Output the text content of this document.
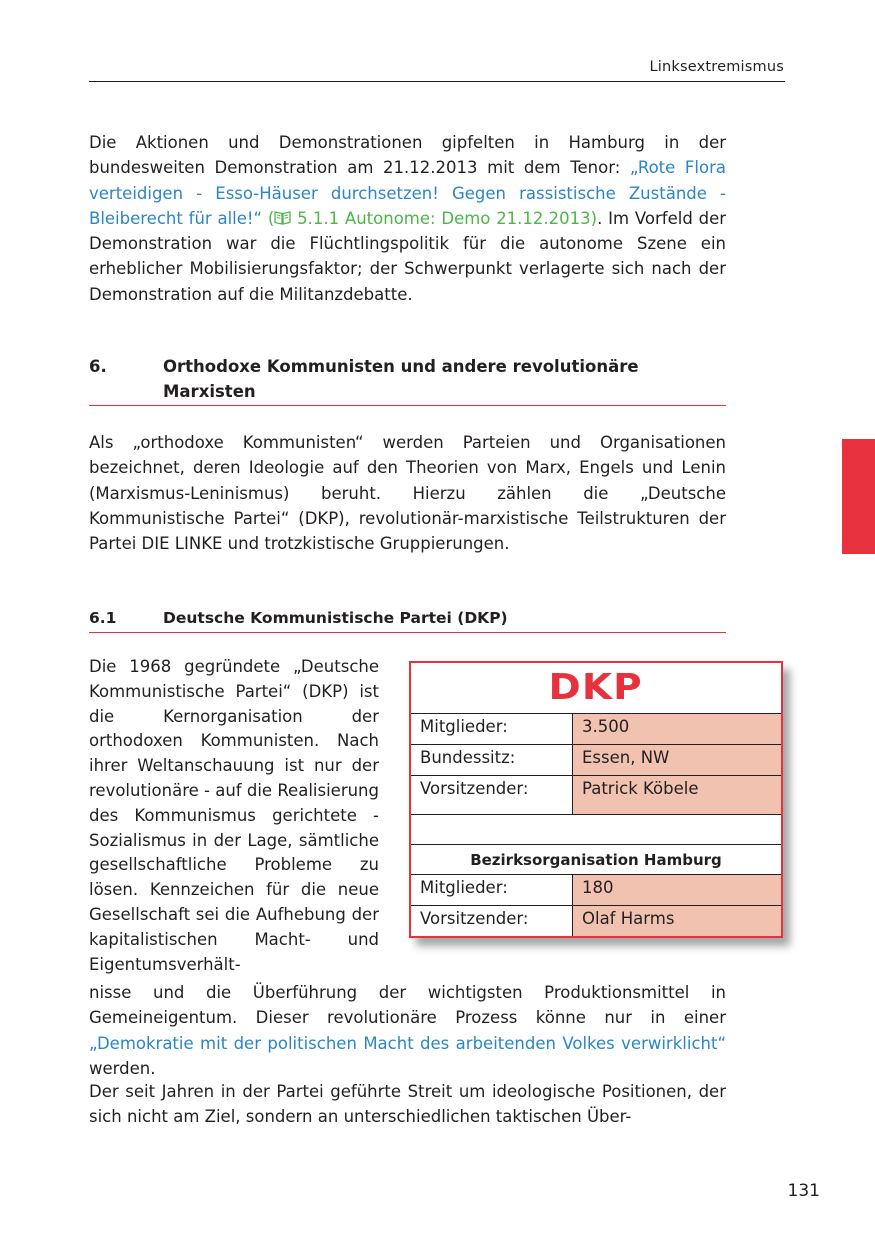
Linksextremismus

Die Aktionen und Demonstrationen gipfelten in Hamburg in der bundesweiten Demonstration am 21.12.2013 mit dem Tenor: „Rote Flora verteidigen - Esso-Häuser durchsetzen! Gegen rassistische Zustände - Bleiberecht für alle!“ ( 5.1.1 Autonome: Demo 21.12.2013). Im Vorfeld der Demonstration war die Flüchtlingspolitik für die autonome Szene ein erheblicher Mobilisierungsfaktor; der Schwerpunkt verlagerte sich nach der Demonstration auf die Militanzdebatte.

6.	Orthodoxe Kommunisten und andere revolutionäre Marxisten

Als „orthodoxe Kommunisten“ werden Parteien und Organisationen bezeichnet, deren Ideologie auf den Theorien von Marx, Engels und Lenin (Marxismus-Leninismus) beruht. Hierzu zählen die „Deutsche Kommunistische Partei“ (DKP), revolutionär-marxistische Teilstrukturen der Partei DIE LINKE und trotzkistische Gruppierungen.

6.1	Deutsche Kommunistische Partei (DKP)

Die 1968 gegründete „Deutsche Kommunistische Partei“ (DKP) ist die Kernorganisation der orthodoxen Kommunisten. Nach ihrer Weltanschauung ist nur der revolutionäre - auf die Realisierung des Kommunismus gerichtete - Sozialismus in der Lage, sämtliche gesellschaftliche Probleme zu lösen. Kennzeichen für die neue Gesellschaft sei die Aufhebung der kapitalistischen Macht- und Eigentumsverhält-

DKP
Mitglieder:	3.500
Bundessitz:	Essen, NW
Vorsitzender:	Patrick Köbele
Bezirksorganisation Hamburg
Mitglieder:	180
Vorsitzender:	Olaf Harms

nisse und die Überführung der wichtigsten Produktionsmittel in Gemeineigentum. Dieser revolutionäre Prozess könne nur in einer „Demokratie mit der politischen Macht des arbeitenden Volkes verwirklicht“ werden.

Der seit Jahren in der Partei geführte Streit um ideologische Positionen, der sich nicht am Ziel, sondern an unterschiedlichen taktischen Über-

131
